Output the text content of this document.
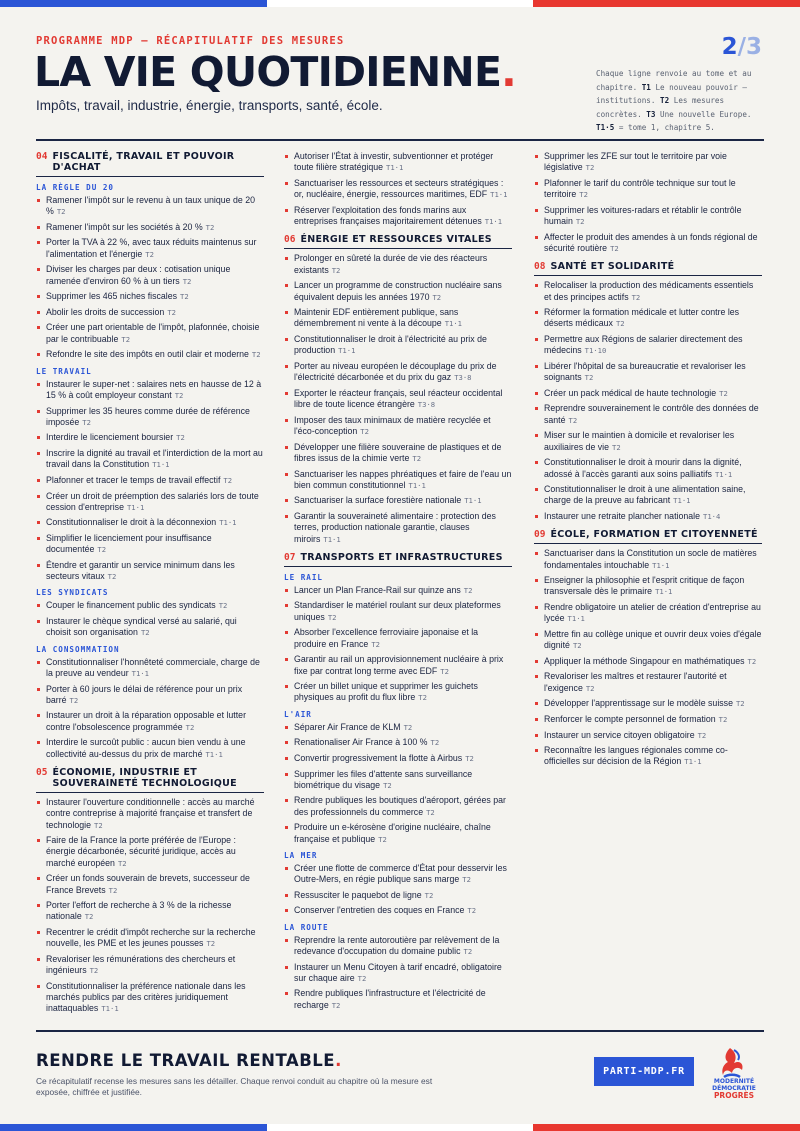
PROGRAMME MDP — RÉCAPITULATIF DES MESURES
LA VIE QUOTIDIENNE.
Impôts, travail, industrie, énergie, transports, santé, école.
2/3
Chaque ligne renvoie au tome et au chapitre. T1 Le nouveau pouvoir — institutions. T2 Les mesures concrètes. T3 Une nouvelle Europe.
T1·5 = tome 1, chapitre 5.
04 FISCALITÉ, TRAVAIL ET POUVOIR D'ACHAT
LA RÈGLE DU 20
Ramener l'impôt sur le revenu à un taux unique de 20 % T2
Ramener l'impôt sur les sociétés à 20 % T2
Porter la TVA à 22 %, avec taux réduits maintenus sur l'alimentation et l'énergie T2
Diviser les charges par deux : cotisation unique ramenée d'environ 60 % à un tiers T2
Supprimer les 465 niches fiscales T2
Abolir les droits de succession T2
Créer une part orientable de l'impôt, plafonnée, choisie par le contribuable T2
Refondre le site des impôts en outil clair et moderne T2
LE TRAVAIL
Instaurer le super-net : salaires nets en hausse de 12 à 15 % à coût employeur constant T2
Supprimer les 35 heures comme durée de référence imposée T2
Interdire le licenciement boursier T2
Inscrire la dignité au travail et l'interdiction de la mort au travail dans la Constitution T1·1
Plafonner et tracer le temps de travail effectif T2
Créer un droit de préemption des salariés lors de toute cession d'entreprise T1·1
Constitutionnaliser le droit à la déconnexion T1·1
Simplifier le licenciement pour insuffisance documentée T2
Étendre et garantir un service minimum dans les secteurs vitaux T2
LES SYNDICATS
Couper le financement public des syndicats T2
Instaurer le chèque syndical versé au salarié, qui choisit son organisation T2
LA CONSOMMATION
Constitutionnaliser l'honnêteté commerciale, charge de la preuve au vendeur T1·1
Porter à 60 jours le délai de référence pour un prix barré T2
Instaurer un droit à la réparation opposable et lutter contre l'obsolescence programmée T2
Interdire le surcoût public : aucun bien vendu à une collectivité au-dessus du prix de marché T1·1
05 ÉCONOMIE, INDUSTRIE ET SOUVERAINETÉ TECHNOLOGIQUE
Instaurer l'ouverture conditionnelle : accès au marché contre contreprise à majorité française et transfert de technologie T2
Faire de la France la porte préférée de l'Europe : énergie décarbonée, sécurité juridique, accès au marché européen T2
Créer un fonds souverain de brevets, successeur de France Brevets T2
Porter l'effort de recherche à 3 % de la richesse nationale T2
Recentrer le crédit d'impôt recherche sur la recherche nouvelle, les PME et les jeunes pousses T2
Revaloriser les rémunérations des chercheurs et ingénieurs T2
Constitutionnaliser la préférence nationale dans les marchés publics par des critères juridiquement inattaquables T1·1
Autoriser l'État à investir, subventionner et protéger toute filière stratégique T1·1
Sanctuariser les ressources et secteurs stratégiques : or, nucléaire, énergie, ressources maritimes, EDF T1·1
Réserver l'exploitation des fonds marins aux entreprises françaises majoritairement détenues T1·1
06 ÉNERGIE ET RESSOURCES VITALES
Prolonger en sûreté la durée de vie des réacteurs existants T2
Lancer un programme de construction nucléaire sans équivalent depuis les années 1970 T2
Maintenir EDF entièrement publique, sans démembrement ni vente à la découpe T1·1
Constitutionnaliser le droit à l'électricité au prix de production T1·1
Porter au niveau européen le découplage du prix de l'électricité décarbonée et du prix du gaz T3·8
Exporter le réacteur français, seul réacteur occidental libre de toute licence étrangère T3·8
Imposer des taux minimaux de matière recyclée et l'éco-conception T2
Développer une filière souveraine de plastiques et de fibres issus de la chimie verte T2
Sanctuariser les nappes phréatiques et faire de l'eau un bien commun constitutionnel T1·1
Sanctuariser la surface forestière nationale T1·1
Garantir la souveraineté alimentaire : protection des terres, production nationale garantie, clauses miroirs T1·1
07 TRANSPORTS ET INFRASTRUCTURES
LE RAIL
Lancer un Plan France-Rail sur quinze ans T2
Standardiser le matériel roulant sur deux plateformes uniques T2
Absorber l'excellence ferroviaire japonaise et la produire en France T2
Garantir au rail un approvisionnement nucléaire à prix fixe par contrat long terme avec EDF T2
Créer un billet unique et supprimer les guichets physiques au profit du flux libre T2
L'AIR
Séparer Air France de KLM T2
Renationaliser Air France à 100 % T2
Convertir progressivement la flotte à Airbus T2
Supprimer les files d'attente sans surveillance biométrique du visage T2
Rendre publiques les boutiques d'aéroport, gérées par des professionnels du commerce T2
Produire un e-kérosène d'origine nucléaire, chaîne française et publique T2
LA MER
Créer une flotte de commerce d'État pour desservir les Outre-Mers, en régie publique sans marge T2
Ressusciter le paquebot de ligne T2
Conserver l'entretien des coques en France T2
LA ROUTE
Reprendre la rente autoroutière par relèvement de la redevance d'occupation du domaine public T2
Instaurer un Menu Citoyen à tarif encadré, obligatoire sur chaque aire T2
Rendre publiques l'infrastructure et l'électricité de recharge T2
Supprimer les ZFE sur tout le territoire par voie législative T2
Plafonner le tarif du contrôle technique sur tout le territoire T2
Supprimer les voitures-radars et rétablir le contrôle humain T2
Affecter le produit des amendes à un fonds régional de sécurité routière T2
08 SANTÉ ET SOLIDARITÉ
Relocaliser la production des médicaments essentiels et des principes actifs T2
Réformer la formation médicale et lutter contre les déserts médicaux T2
Permettre aux Régions de salarier directement des médecins T1·10
Libérer l'hôpital de sa bureaucratie et revaloriser les soignants T2
Créer un pack médical de haute technologie T2
Reprendre souverainement le contrôle des données de santé T2
Miser sur le maintien à domicile et revaloriser les auxiliaires de vie T2
Constitutionnaliser le droit à mourir dans la dignité, adossé à l'accès garanti aux soins palliatifs T1·1
Constitutionnaliser le droit à une alimentation saine, charge de la preuve au fabricant T1·1
Instaurer une retraite plancher nationale T1·4
09 ÉCOLE, FORMATION ET CITOYENNETÉ
Sanctuariser dans la Constitution un socle de matières fondamentales intouchable T1·1
Enseigner la philosophie et l'esprit critique de façon transversale dès le primaire T1·1
Rendre obligatoire un atelier de création d'entreprise au lycée T1·1
Mettre fin au collège unique et ouvrir deux voies d'égale dignité T2
Appliquer la méthode Singapour en mathématiques T2
Revaloriser les maîtres et restaurer l'autorité et l'exigence T2
Développer l'apprentissage sur le modèle suisse T2
Renforcer le compte personnel de formation T2
Instaurer un service citoyen obligatoire T2
Reconnaître les langues régionales comme co-officielles sur décision de la Région T1·1
RENDRE LE TRAVAIL RENTABLE.
Ce récapitulatif recense les mesures sans les détailler. Chaque renvoi conduit au chapitre où la mesure est exposée, chiffrée et justifiée.
PARTI-MDP.FR
MODERNITÉ
DÉMOCRATIE
PROGRÈS
